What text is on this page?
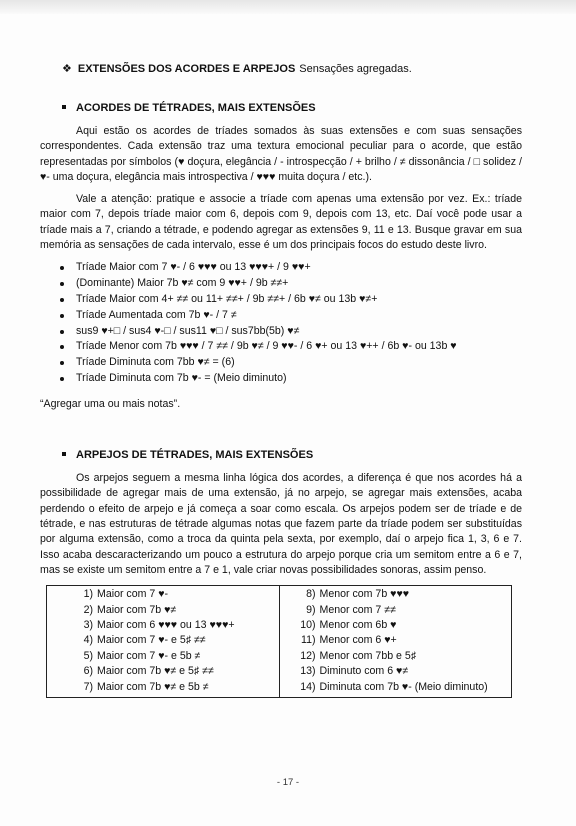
❖ EXTENSÕES DOS ACORDES E ARPEJOS Sensações agregadas.
ACORDES DE TÉTRADES, MAIS EXTENSÕES

Aqui estão os acordes de tríades somados às suas extensões e com suas sensações correspondentes. Cada extensão traz uma textura emocional peculiar para o acorde, que estão representadas por símbolos (♥ doçura, elegância / - introspecção / + brilho / ≠ dissonância / □ solidez / ♥- uma doçura, elegância mais introspectiva / ♥♥♥ muita doçura / etc.).

Vale a atenção: pratique e associe a tríade com apenas uma extensão por vez. Ex.: tríade maior com 7, depois tríade maior com 6, depois com 9, depois com 13, etc. Daí você pode usar a tríade mais a 7, criando a tétrade, e podendo agregar as extensões 9, 11 e 13. Busque gravar em sua memória as sensações de cada intervalo, esse é um dos principais focos do estudo deste livro.

Tríade Maior com 7 ♥- / 6 ♥♥♥ ou 13 ♥♥♥+ / 9 ♥♥+
(Dominante) Maior 7b ♥≠ com 9 ♥♥+ / 9b ≠≠+
Tríade Maior com 4+ ≠≠ ou 11+ ≠≠+ / 9b ≠≠+ / 6b ♥≠ ou 13b ♥≠+
Tríade Aumentada com 7b ♥- / 7 ≠
sus9 ♥+□ / sus4 ♥-□ / sus11 ♥□ / sus7bb(5b) ♥≠
Tríade Menor com 7b ♥♥♥ / 7 ≠≠ / 9b ♥≠ / 9 ♥♥- / 6 ♥+ ou 13 ♥++ / 6b ♥- ou 13b ♥
Tríade Diminuta com 7bb ♥≠ = (6)
Tríade Diminuta com 7b ♥- = (Meio diminuto)
“Agregar uma ou mais notas”.
ARPEJOS DE TÉTRADES, MAIS EXTENSÕES

Os arpejos seguem a mesma linha lógica dos acordes, a diferença é que nos acordes há a possibilidade de agregar mais de uma extensão, já no arpejo, se agregar mais extensões, acaba perdendo o efeito de arpejo e já começa a soar como escala. Os arpejos podem ser de tríade e de tétrade, e nas estruturas de tétrade algumas notas que fazem parte da tríade podem ser substituídas por alguma extensão, como a troca da quinta pela sexta, por exemplo, daí o arpejo fica 1, 3, 6 e 7. Isso acaba descaracterizando um pouco a estrutura do arpejo porque cria um semitom entre a 6 e 7, mas se existe um semitom entre a 7 e 1, vale criar novas possibilidades sonoras, assim penso.

1) Maior com 7 ♥-
2) Maior com 7b ♥≠
3) Maior com 6 ♥♥♥ ou 13 ♥♥♥+
4) Maior com 7 ♥- e 5♯ ≠≠
5) Maior com 7 ♥- e 5b ≠
6) Maior com 7b ♥≠ e 5♯ ≠≠
7) Maior com 7b ♥≠ e 5b ≠

8) Menor com 7b ♥♥♥
9) Menor com 7 ≠≠
10) Menor com 6b ♥
11) Menor com 6 ♥+
12) Menor com 7bb e 5♯
13) Diminuto com 6 ♥≠
14) Diminuta com 7b ♥- (Meio diminuto)
- 17 -
